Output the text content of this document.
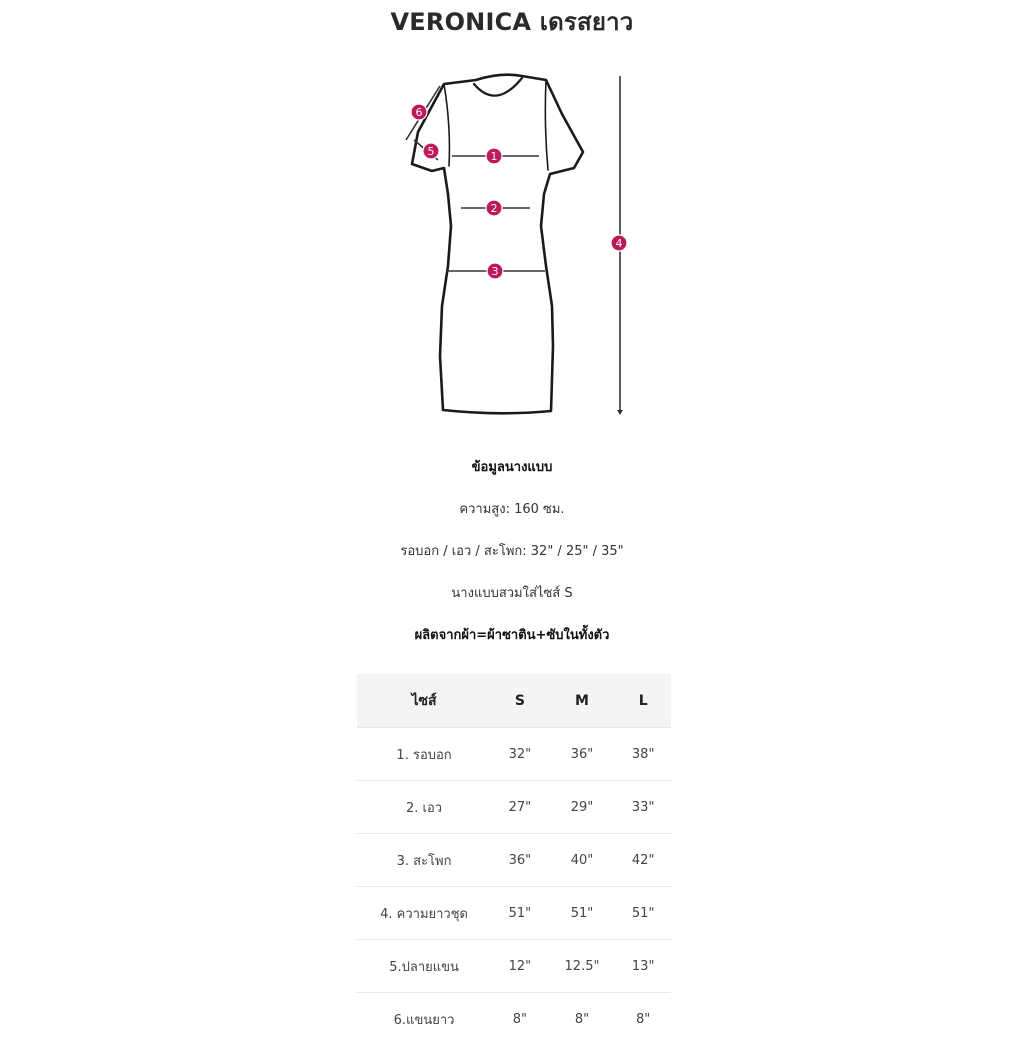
VERONICA เดรสยาว
1
2
3
4
5
6
ข้อมูลนางแบบ
ความสูง: 160 ซม.
รอบอก / เอว / สะโพก: 32" / 25" / 35"
นางแบบสวมใส่ไซส์ S
ผลิตจากผ้า=ผ้าซาติน+ซับในทั้งตัว
ไซส์	S	M	L
1. รอบอก	32"	36"	38"
2. เอว	27"	29"	33"
3. สะโพก	36"	40"	42"
4. ความยาวชุด	51"	51"	51"
5.ปลายแขน	12"	12.5"	13"
6.แขนยาว	8"	8"	8"
